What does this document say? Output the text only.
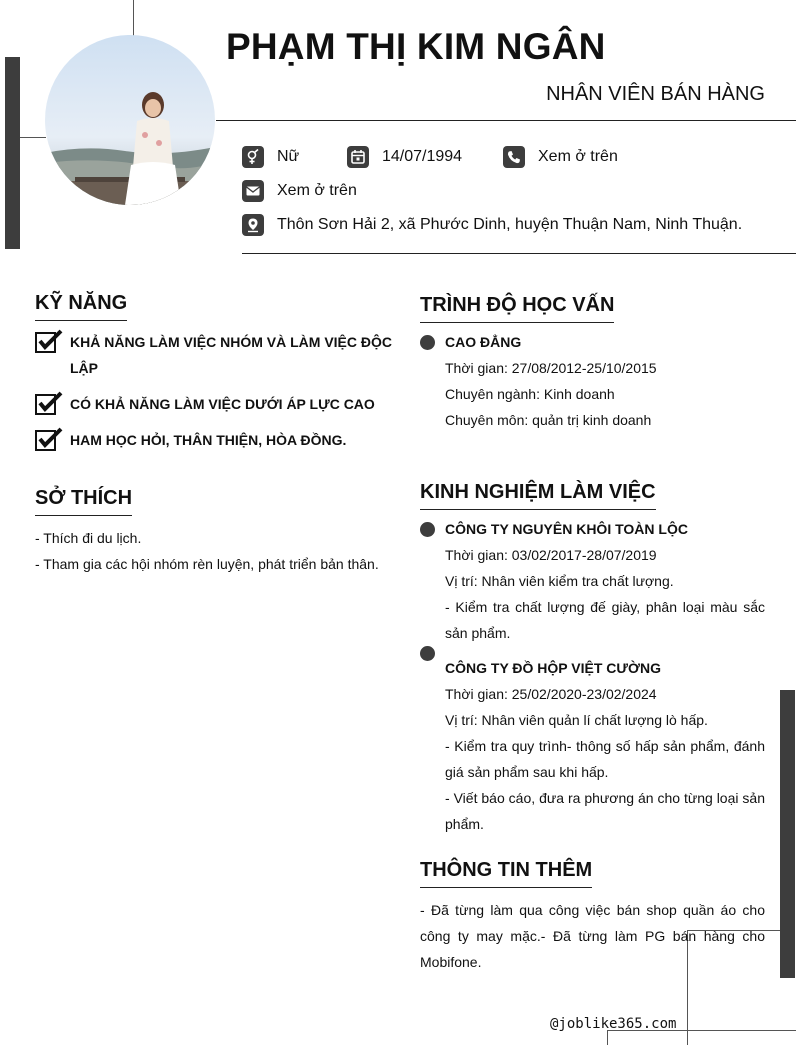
PHẠM THỊ KIM NGÂN
NHÂN VIÊN BÁN HÀNG
Nữ	14/07/1994	Xem ở trên
Xem ở trên
Thôn Sơn Hải 2, xã Phước Dinh, huyện Thuận Nam, Ninh Thuận.
KỸ NĂNG
KHẢ NĂNG LÀM VIỆC NHÓM VÀ LÀM VIỆC ĐỘC LẬP
CÓ KHẢ NĂNG LÀM VIỆC DƯỚI ÁP LỰC CAO
HAM HỌC HỎI, THÂN THIỆN, HÒA ĐỒNG.
SỞ THÍCH
- Thích đi du lịch.
- Tham gia các hội nhóm rèn luyện, phát triển bản thân.
TRÌNH ĐỘ HỌC VẤN
CAO ĐẲNG
Thời gian: 27/08/2012-25/10/2015
Chuyên ngành: Kinh doanh
Chuyên môn: quản trị kinh doanh
KINH NGHIỆM LÀM VIỆC
CÔNG TY NGUYÊN KHÔI TOÀN LỘC
Thời gian: 03/02/2017-28/07/2019
Vị trí: Nhân viên kiểm tra chất lượng.
- Kiểm tra chất lượng đế giày, phân loại màu sắc sản phẩm.
CÔNG TY ĐỒ HỘP VIỆT CƯỜNG
Thời gian: 25/02/2020-23/02/2024
Vị trí: Nhân viên quản lí chất lượng lò hấp.
- Kiểm tra quy trình- thông số hấp sản phẩm, đánh giá sản phẩm sau khi hấp.
- Viết báo cáo, đưa ra phương án cho từng loại sản phẩm.
THÔNG TIN THÊM
- Đã từng làm qua công việc bán shop quần áo cho công ty may mặc.- Đã từng làm PG bán hàng cho Mobifone.
@joblike365.com
